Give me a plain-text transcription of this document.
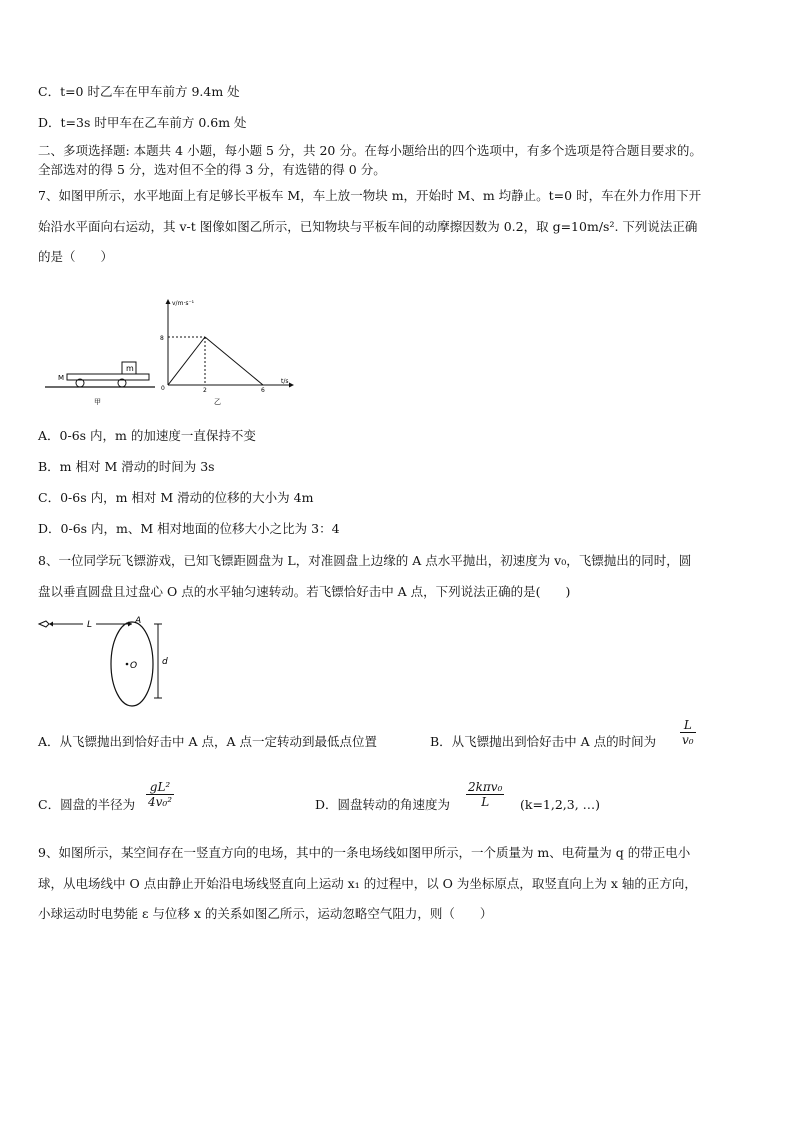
C．t=0 时乙车在甲车前方 9.4m 处
D．t=3s 时甲车在乙车前方 0.6m 处
二、多项选择题: 本题共 4 小题，每小题 5 分，共 20 分。在每小题给出的四个选项中，有多个选项是符合题目要求的。
全部选对的得 5 分，选对但不全的得 3 分，有选错的得 0 分。
7、如图甲所示，水平地面上有足够长平板车 M，车上放一物块 m，开始时 M、m 均静止。t=0 时，车在外力作用下开
始沿水平面向右运动，其 v-t 图像如图乙所示，已知物块与平板车间的动摩擦因数为 0.2，取 g=10m/s². 下列说法正确
的是（　　）
m
M
甲
v/m·s⁻¹
t/s
8
0	2	6
乙
A．0-6s 内，m 的加速度一直保持不变
B．m 相对 M 滑动的时间为 3s
C．0-6s 内，m 相对 M 滑动的位移的大小为 4m
D．0-6s 内，m、M 相对地面的位移大小之比为 3：4
8、一位同学玩飞镖游戏，已知飞镖距圆盘为 L，对准圆盘上边缘的 A 点水平抛出，初速度为 v₀，飞镖抛出的同时，圆
盘以垂直圆盘且过盘心 O 点的水平轴匀速转动。若飞镖恰好击中 A 点，下列说法正确的是(　　)
L	A
O	d
A．从飞镖抛出到恰好击中 A 点，A 点一定转动到最低点位置	B．从飞镖抛出到恰好击中 A 点的时间为 $\frac{L}{\text{v₀}}$
C．圆盘的半径为 $\frac{\text{gL²}}{\text{4v₀²}}$	D．圆盘转动的角速度为 $\frac{\text{2kπv₀}}{L} (k=1,2,3$, …)
9、如图所示，某空间存在一竖直方向的电场，其中的一条电场线如图甲所示，一个质量为 m、电荷量为 q 的带正电小
球，从电场线中 O 点由静止开始沿电场线竖直向上运动 x₁ 的过程中，以 O 为坐标原点，取竖直向上为 x 轴的正方向，
小球运动时电势能 ε 与位移 x 的关系如图乙所示，运动忽略空气阻力，则（　　）
